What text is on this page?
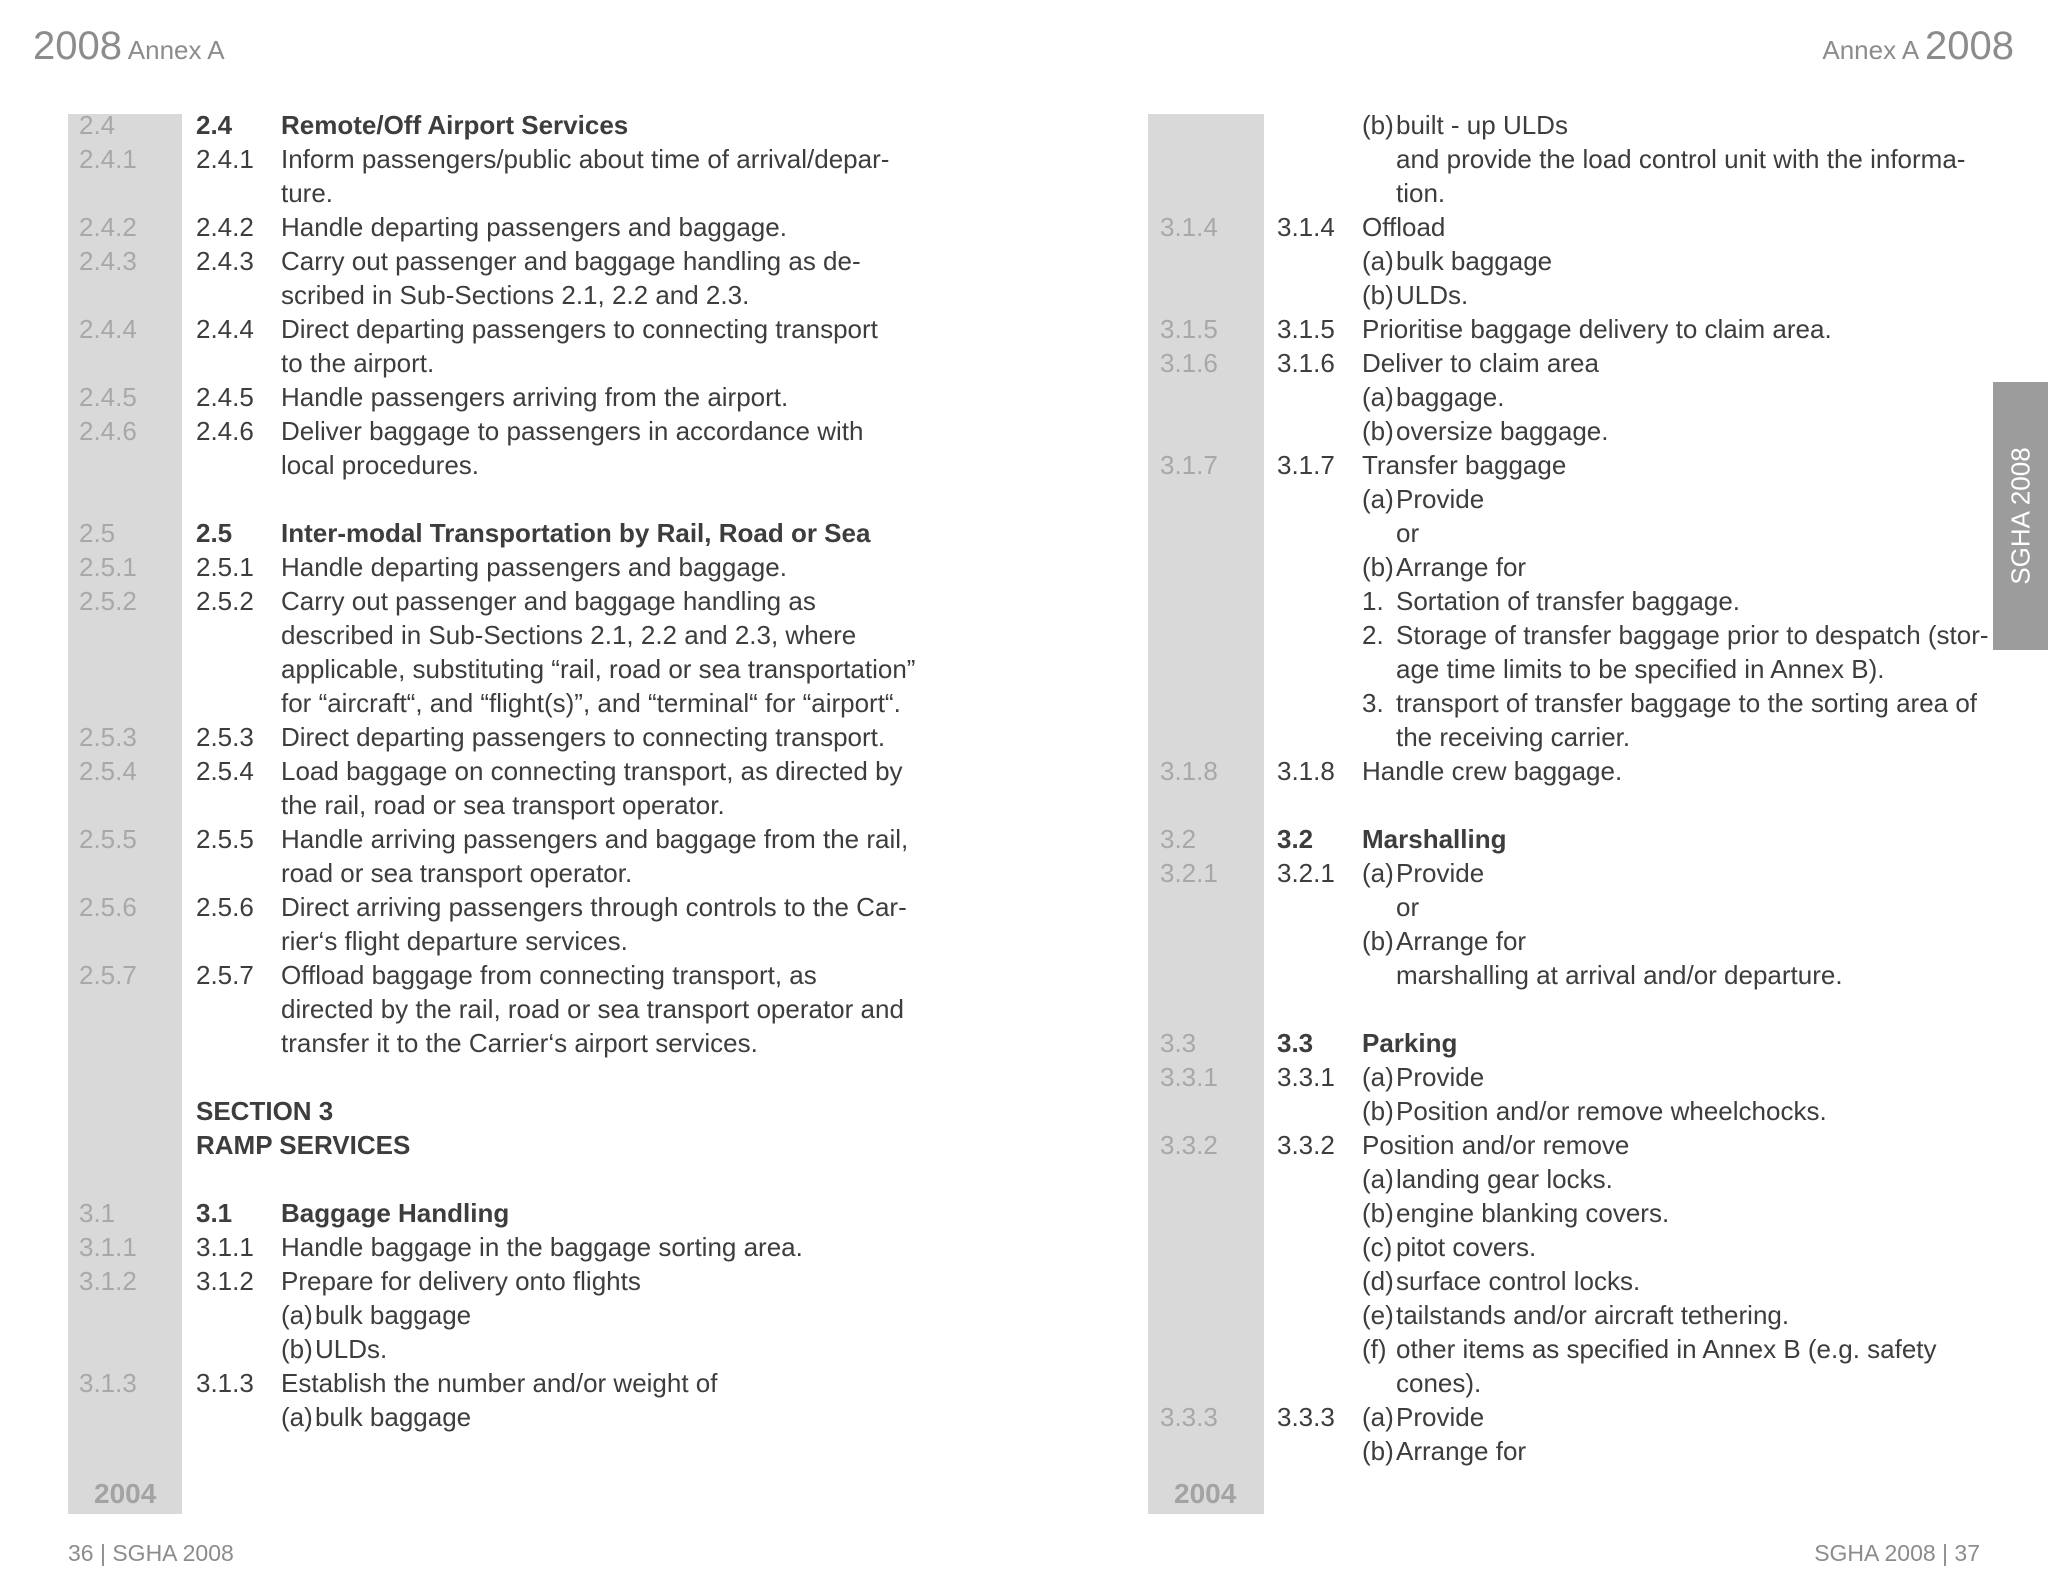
2008 Annex A	Annex A 2008
2004	2004
2.4	2.4 Remote/Off Airport Services
2.4.1 2.4.1 Inform passengers/public about time of arrival/depar-
ture.
2.4.2 2.4.2 Handle departing passengers and baggage.
2.4.3 2.4.3 Carry out passenger and baggage handling as de-
scribed in Sub-Sections 2.1, 2.2 and 2.3.
2.4.4 2.4.4 Direct departing passengers to connecting transport
to the airport.
2.4.5 2.4.5 Handle passengers arriving from the airport.
2.4.6 2.4.6 Deliver baggage to passengers in accordance with
local procedures.
2.5	2.5 Inter-modal Transportation by Rail, Road or Sea
2.5.1 2.5.1 Handle departing passengers and baggage.
2.5.2 2.5.2 Carry out passenger and baggage handling as
described in Sub-Sections 2.1, 2.2 and 2.3, where
applicable, substituting “rail, road or sea transportation”
for “aircraft“, and “flight(s)”, and “terminal“ for “airport“.
2.5.3 2.5.3 Direct departing passengers to connecting transport.
2.5.4 2.5.4 Load baggage on connecting transport, as directed by
the rail, road or sea transport operator.
2.5.5 2.5.5 Handle arriving passengers and baggage from the rail,
road or sea transport operator.
2.5.6 2.5.6 Direct arriving passengers through controls to the Car-
rier‘s flight departure services.
2.5.7 2.5.7 Offload baggage from connecting transport, as
directed by the rail, road or sea transport operator and
transfer it to the Carrier‘s airport services.
SECTION 3
RAMP SERVICES
3.1	3.1 Baggage Handling
3.1.1 3.1.1 Handle baggage in the baggage sorting area.
3.1.2 3.1.2 Prepare for delivery onto flights
(a) bulk baggage
(b) ULDs.
3.1.3 3.1.3 Establish the number and/or weight of
(a) bulk baggage
(b) built - up ULDs
and provide the load control unit with the informa-
tion.
3.1.4 3.1.4 Offload
(a) bulk baggage
(b) ULDs.
3.1.5 3.1.5 Prioritise baggage delivery to claim area.
3.1.6 3.1.6 Deliver to claim area
(a) baggage.
(b) oversize baggage.
3.1.7 3.1.7 Transfer baggage
(a) Provide
or
(b) Arrange for
1. Sortation of transfer baggage.
2. Storage of transfer baggage prior to despatch (stor-
age time limits to be specified in Annex B).
3. transport of transfer baggage to the sorting area of
the receiving carrier.
3.1.8 3.1.8 Handle crew baggage.
3.2	3.2 Marshalling
3.2.1 3.2.1 (a) Provide
or
(b) Arrange for
marshalling at arrival and/or departure.
3.3	3.3 Parking
3.3.1 3.3.1 (a) Provide
(b) Position and/or remove wheelchocks.
3.3.2 3.3.2 Position and/or remove
(a) landing gear locks.
(b) engine blanking covers.
(c) pitot covers.
(d) surface control locks.
(e) tailstands and/or aircraft tethering.
(f) other items as specified in Annex B (e.g. safety
cones).
3.3.3 3.3.3 (a) Provide
(b) Arrange for
SGHA 2008
36 | SGHA 2008	SGHA 2008 | 37
